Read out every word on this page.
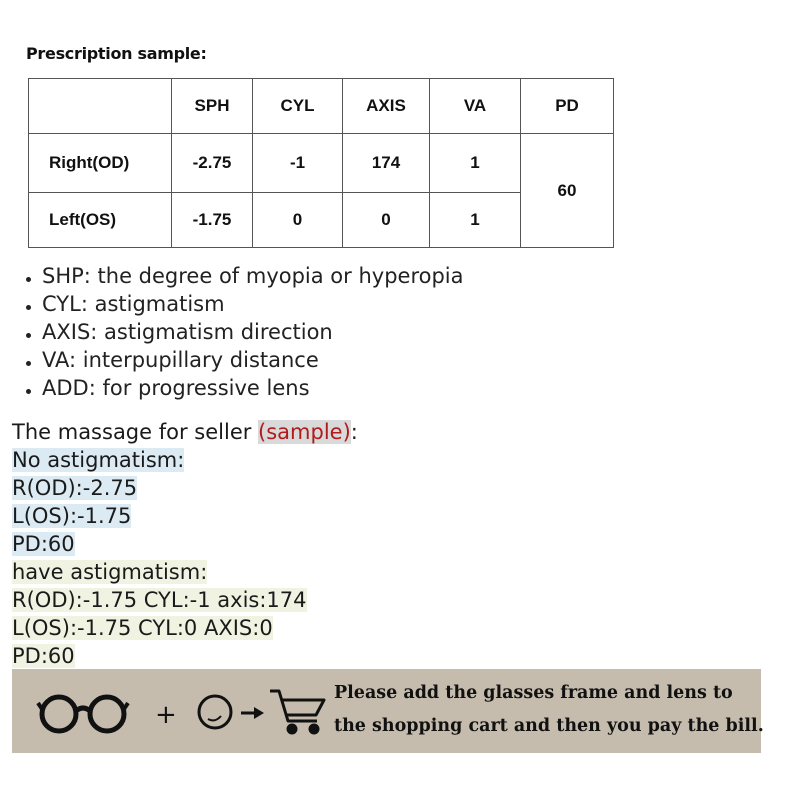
Prescription sample:
	SPH	CYL	AXIS	VA	PD
Right(OD)	-2.75	-1	174	1	60
Left(OS)	-1.75	0	0	1	
SHP: the degree of myopia or hyperopia
CYL: astigmatism
AXIS: astigmatism direction
VA: interpupillary distance
ADD: for progressive lens
The massage for seller (sample):
No astigmatism:
R(OD):-2.75
L(OS):-1.75
PD:60
have astigmatism:
R(OD):-1.75 CYL:-1 axis:174
L(OS):-1.75 CYL:0 AXIS:0
PD:60
+
Please add the glasses frame and lens to
the shopping cart and then you pay the bill.
